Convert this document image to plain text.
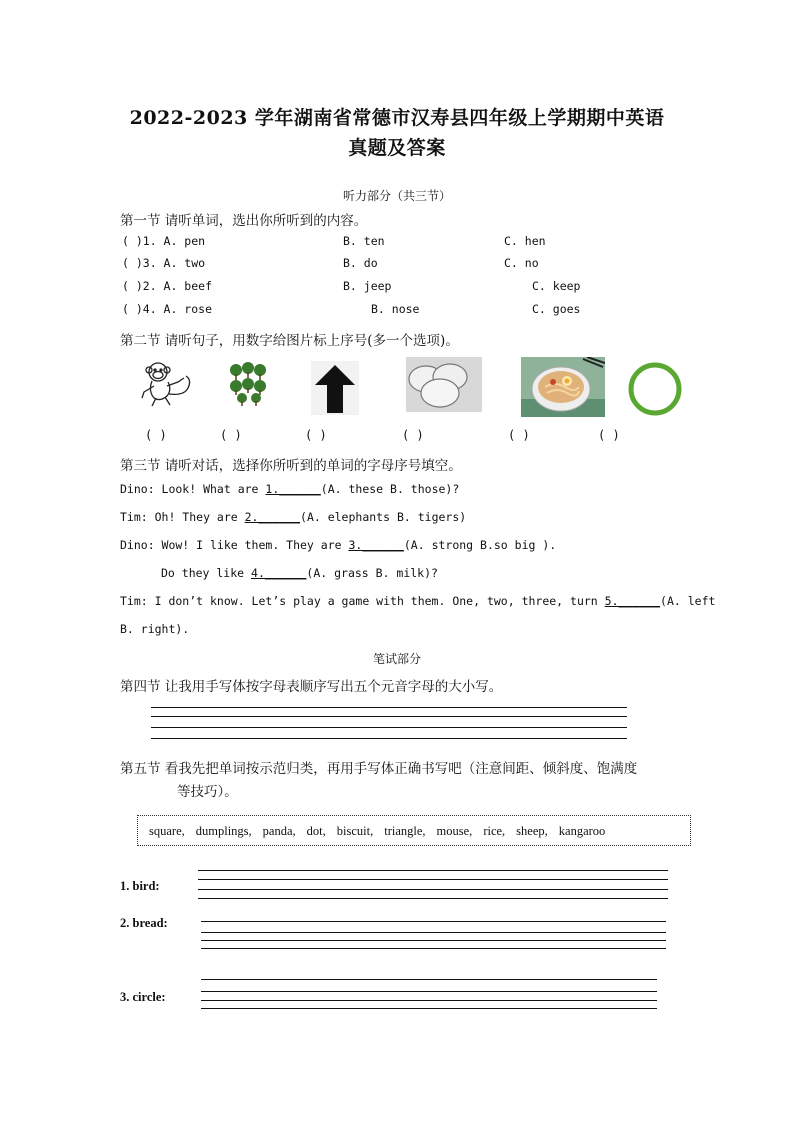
2022-2023 学年湖南省常德市汉寿县四年级上学期期中英语
真题及答案
听力部分（共三节）
第一节 请听单词，选出你所听到的内容。
( )1. A. pen	B. ten	C. hen
( )3. A. two	B. do	C. no
( )2. A. beef	B. jeep	C. keep
( )4. A. rose	B. nose	C. goes
第二节 请听句子，用数字给图片标上序号(多一个选项)。
( )	( )	( )	( )	( )	( )
第三节 请听对话，选择你所听到的单词的字母序号填空。
Dino: Look! What are 1.______(A. these B. those)?
Tim: Oh! They are 2.______(A. elephants B. tigers)
Dino: Wow! I like them. They are 3.______(A. strong B.so big ).
Do they like 4.______(A. grass B. milk)?
Tim: I don’t know. Let’s play a game with them. One, two, three, turn 5.______(A. left
B. right).
笔试部分
第四节 让我用手写体按字母表顺序写出五个元音字母的大小写。
第五节 看我先把单词按示范归类，再用手写体正确书写吧（注意间距、倾斜度、饱满度
等技巧）。
square, dumplings, panda, dot, biscuit, triangle, mouse, rice, sheep, kangaroo
1. bird:
2. bread:
3. circle:
